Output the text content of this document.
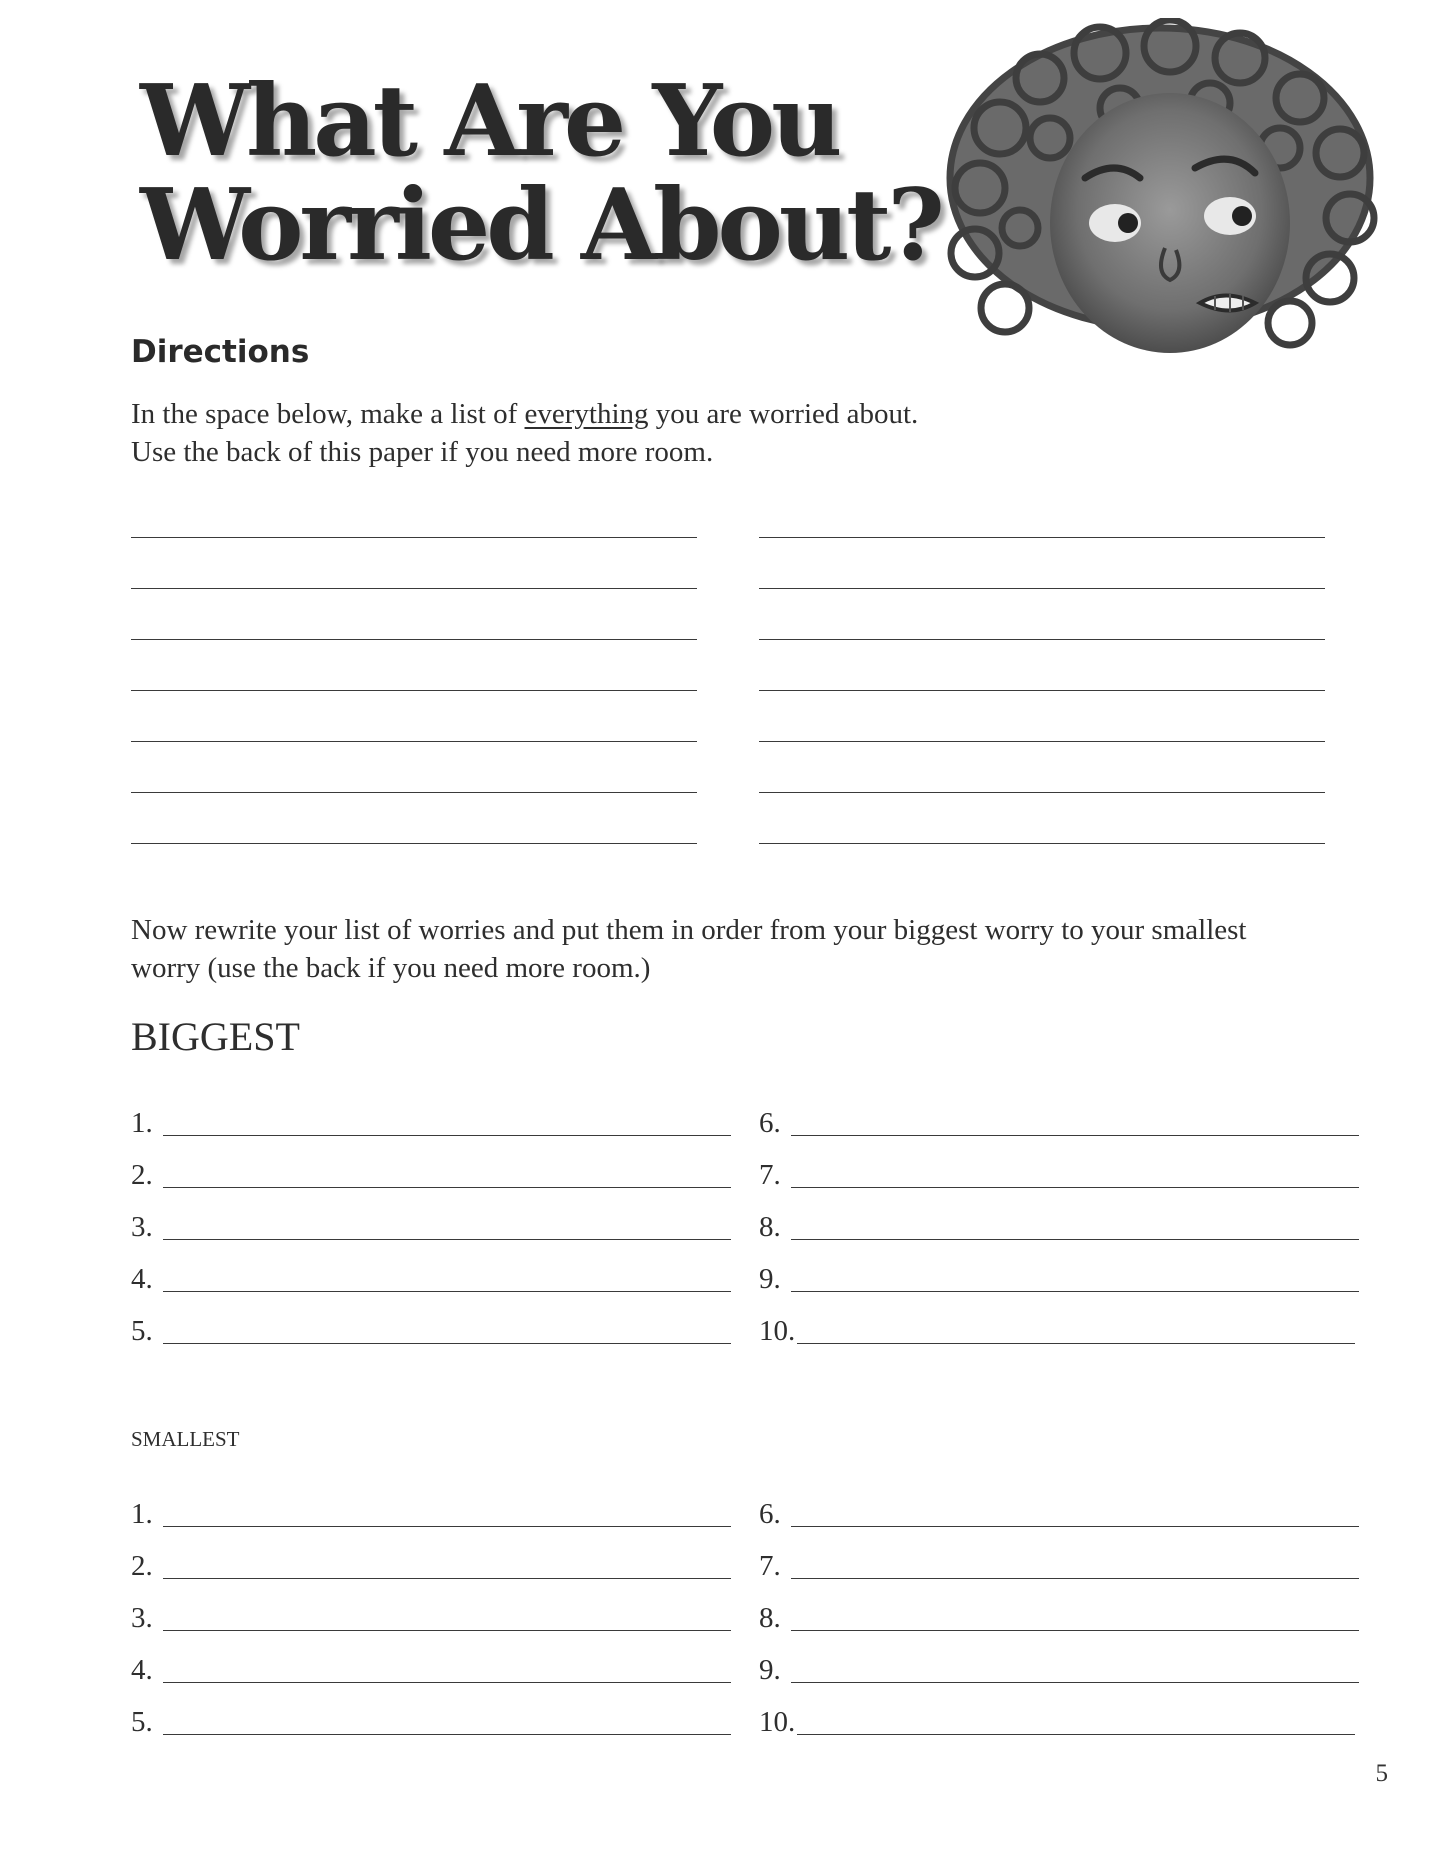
What Are You
Worried About?
Directions
In the space below, make a list of everything you are worried about.
Use the back of this paper if you need more room.
Now rewrite your list of worries and put them in order from your biggest worry to your smallest
worry (use the back if you need more room.)
BIGGEST
1.
2.
3.
4.
5.
6.
7.
8.
9.
10.
SMALLEST
1.
2.
3.
4.
5.
6.
7.
8.
9.
10.
5
